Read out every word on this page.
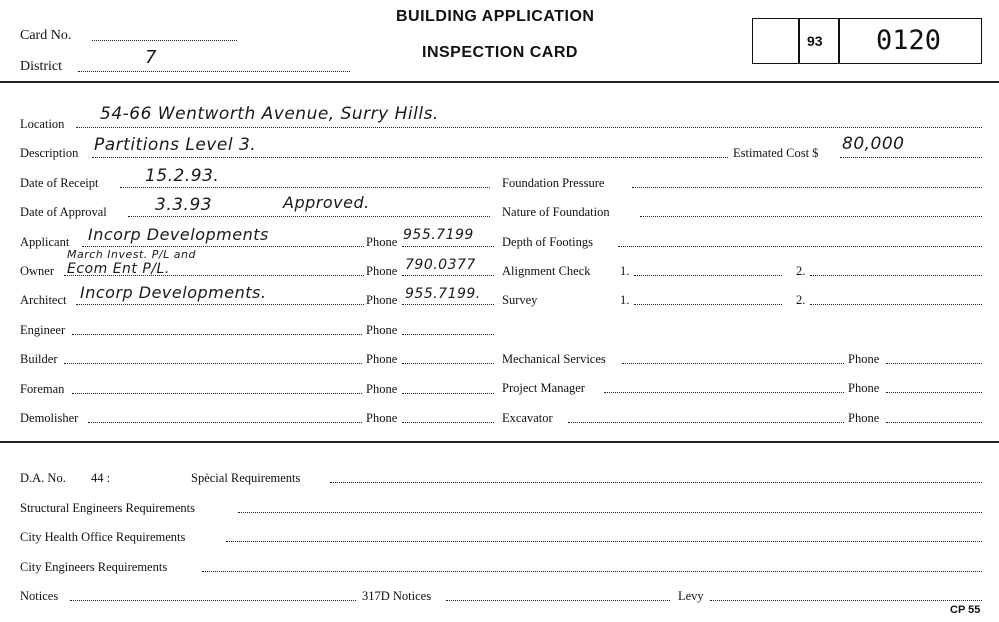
Card No.
District	7
BUILDING APPLICATION
INSPECTION CARD
93 0120
Location 54-66 Wentworth Avenue, Surry Hills.
Description Partitions Level 3.	Estimated Cost $ 80,000
Date of Receipt	15.2.93.
Date of Approval	3.3.93	Approved.
Applicant Incorp Developments	Phone 955.7199
March Invest. P/L and
Owner Ecom Ent P/L.	Phone 790.0377
Architect Incorp Developments.	Phone 955.7199.
Engineer	Phone
Builder	Phone
Foreman	Phone
Demolisher	Phone
Foundation Pressure
Nature of Foundation
Depth of Footings
Alignment Check 1.	2.
Survey	1.	2.
Mechanical Services	Phone
Project Manager	Phone
Excavator	Phone
D.A. No. 44 :	Spècial Requirements
Structural Engineers Requirements
City Health Office Requirements
City Engineers Requirements
Notices	317D Notices	Levy
CP 55
